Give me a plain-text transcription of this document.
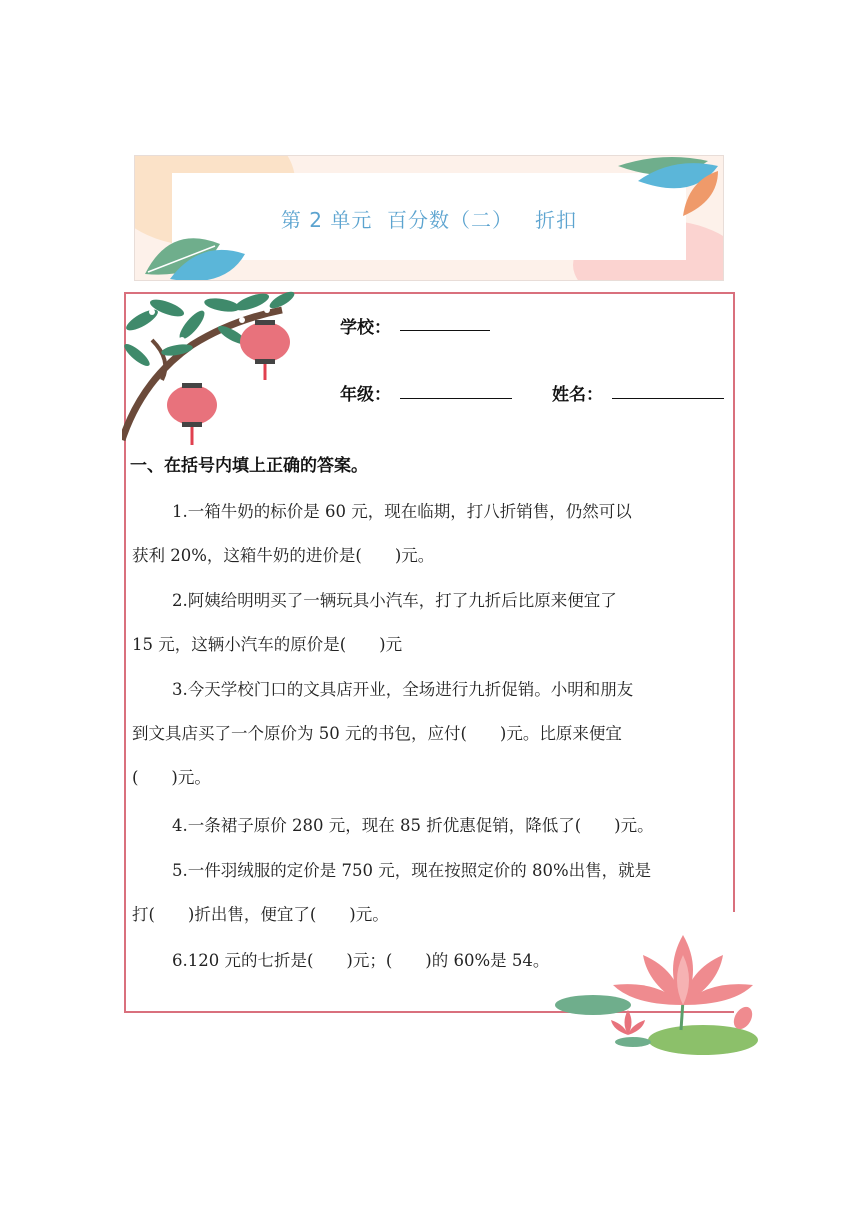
第 2 单元  百分数（二）   折扣
学校：
年级：	姓名：
一、在括号内填上正确的答案。
1.一箱牛奶的标价是 60 元，现在临期，打八折销售，仍然可以
获利 20%，这箱牛奶的进价是(　　)元。
2.阿姨给明明买了一辆玩具小汽车，打了九折后比原来便宜了
15 元，这辆小汽车的原价是(　　)元
3.今天学校门口的文具店开业，全场进行九折促销。小明和朋友
到文具店买了一个原价为 50 元的书包，应付(　　)元。比原来便宜
(　　)元。
4.一条裙子原价 280 元，现在 85 折优惠促销，降低了(　　)元。
5.一件羽绒服的定价是 750 元，现在按照定价的 80%出售，就是
打(　　)折出售，便宜了(　　)元。
6.120 元的七折是(　　)元；(　　)的 60%是 54。
